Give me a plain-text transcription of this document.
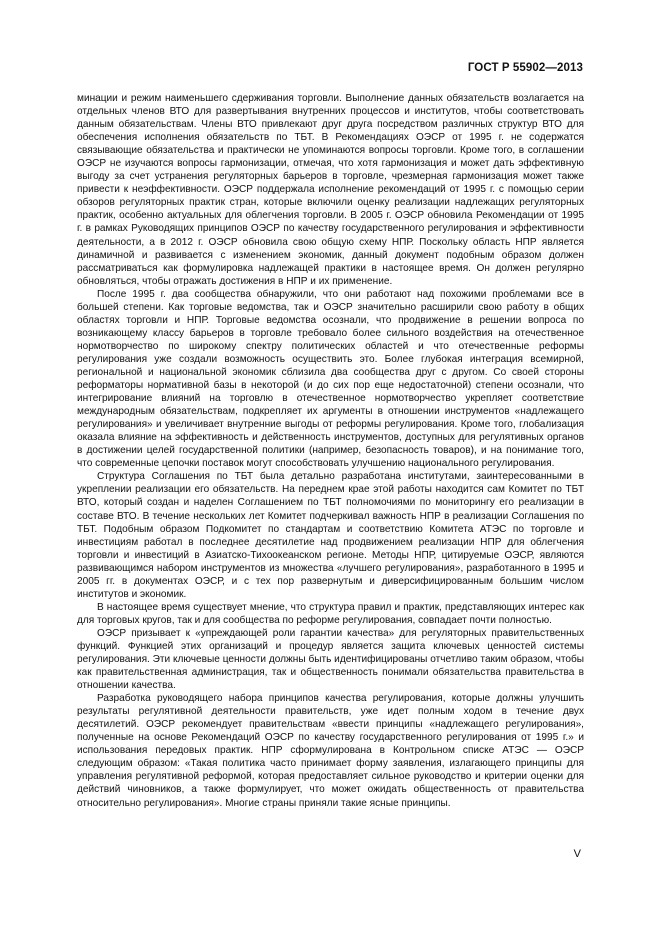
ГОСТ Р 55902—2013

минации и режим наименьшего сдерживания торговли. Выполнение данных обязательств возлагается на отдельных членов ВТО для развертывания внутренних процессов и институтов, чтобы соответствовать данным обязательствам. Члены ВТО привлекают друг друга посредством различных структур ВТО для обеспечения исполнения обязательств по ТБТ. В Рекомендациях ОЭСР от 1995 г. не содержатся связывающие обязательства и практически не упоминаются вопросы торговли. Кроме того, в соглашении ОЭСР не изучаются вопросы гармонизации, отмечая, что хотя гармонизация и может дать эффективную выгоду за счет устранения регуляторных барьеров в торговле, чрезмерная гармонизация может также привести к неэффективности. ОЭСР поддержала исполнение рекомендаций от 1995 г. с помощью серии обзоров регуляторных практик стран, которые включили оценку реализации надлежащих регуляторных практик, особенно актуальных для облегчения торговли. В 2005 г. ОЭСР обновила Рекомендации от 1995 г. в рамках Руководящих принципов ОЭСР по качеству государственного регулирования и эффективности деятельности, а в 2012 г. ОЭСР обновила свою общую схему НПР. Поскольку область НПР является динамичной и развивается с изменением экономик, данный документ подобным образом должен рассматриваться как формулировка надлежащей практики в настоящее время. Он должен регулярно обновляться, чтобы отражать достижения в НПР и их применение.

После 1995 г. два сообщества обнаружили, что они работают над похожими проблемами все в большей степени. Как торговые ведомства, так и ОЭСР значительно расширили свою работу в общих областях торговли и НПР. Торговые ведомства осознали, что продвижение в решении вопроса по возникающему классу барьеров в торговле требовало более сильного воздействия на отечественное нормотворчество по широкому спектру политических областей и что отечественные реформы регулирования уже создали возможность осуществить это. Более глубокая интеграция всемирной, региональной и национальной экономик сблизила два сообщества друг с другом. Со своей стороны реформаторы нормативной базы в некоторой (и до сих пор еще недостаточной) степени осознали, что интегрирование влияний на торговлю в отечественное нормотворчество укрепляет соответствие международным обязательствам, подкрепляет их аргументы в отношении инструментов «надлежащего регулирования» и увеличивает внутренние выгоды от реформы регулирования. Кроме того, глобализация оказала влияние на эффективность и действенность инструментов, доступных для регулятивных органов в достижении целей государственной политики (например, безопасность товаров), и на понимание того, что современные цепочки поставок могут способствовать улучшению национального регулирования.

Структура Соглашения по ТБТ была детально разработана институтами, заинтересованными в укреплении реализации его обязательств. На переднем крае этой работы находится сам Комитет по ТБТ ВТО, который создан и наделен Соглашением по ТБТ полномочиями по мониторингу его реализации в составе ВТО. В течение нескольких лет Комитет подчеркивал важность НПР в реализации Соглашения по ТБТ. Подобным образом Подкомитет по стандартам и соответствию Комитета АТЭС по торговле и инвестициям работал в последнее десятилетие над продвижением реализации НПР для облегчения торговли и инвестиций в Азиатско-Тихоокеанском регионе. Методы НПР, цитируемые ОЭСР, являются развивающимся набором инструментов из множества «лучшего регулирования», разработанного в 1995 и 2005 гг. в документах ОЭСР, и с тех пор развернутым и диверсифицированным большим числом институтов и экономик.

В настоящее время существует мнение, что структура правил и практик, представляющих интерес как для торговых кругов, так и для сообщества по реформе регулирования, совпадает почти полностью.

ОЭСР призывает к «упреждающей роли гарантии качества» для регуляторных правительственных функций. Функцией этих организаций и процедур является защита ключевых ценностей системы регулирования. Эти ключевые ценности должны быть идентифицированы отчетливо таким образом, чтобы как правительственная администрация, так и общественность понимали обязательства правительства в отношении качества.

Разработка руководящего набора принципов качества регулирования, которые должны улучшить результаты регулятивной деятельности правительств, уже идет полным ходом в течение двух десятилетий. ОЭСР рекомендует правительствам «ввести принципы «надлежащего регулирования», полученные на основе Рекомендаций ОЭСР по качеству государственного регулирования от 1995 г.» и использования передовых практик. НПР сформулирована в Контрольном списке АТЭС — ОЭСР следующим образом: «Такая политика часто принимает форму заявления, излагающего принципы для управления регулятивной реформой, которая предоставляет сильное руководство и критерии оценки для действий чиновников, а также формулирует, что может ожидать общественность от правительства относительно регулирования». Многие страны приняли такие ясные принципы.

V
